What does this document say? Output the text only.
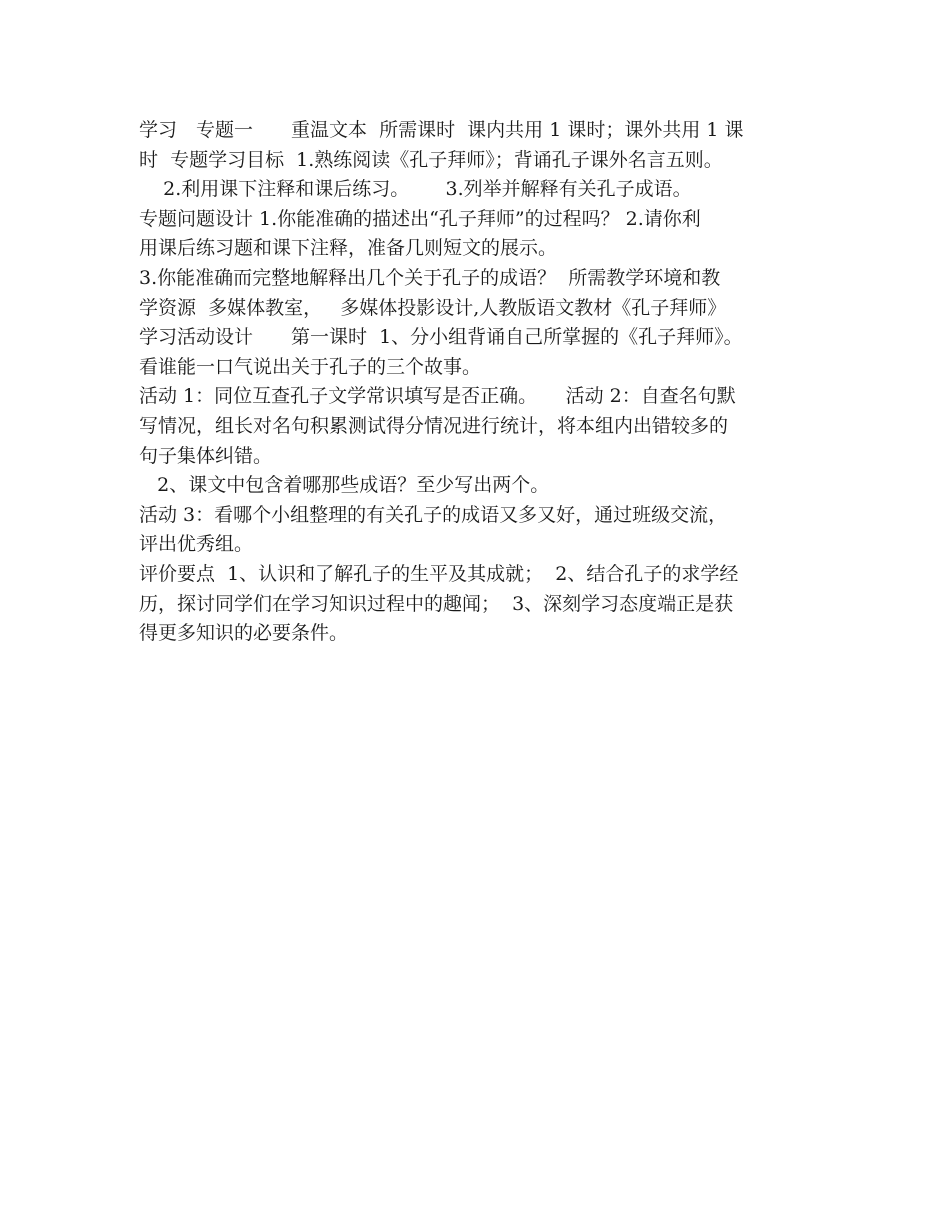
学习　专题一　　重温文本  所需课时  课内共用 1 课时；课外共用 1 课
时  专题学习目标  1.熟练阅读《孔子拜师》；背诵孔子课外名言五则。
2.利用课下注释和课后练习。      3.列举并解释有关孔子成语。
专题问题设计 1.你能准确的描述出“孔子拜师”的过程吗？ 2.请你利
用课后练习题和课下注释，准备几则短文的展示。
3.你能准确而完整地解释出几个关于孔子的成语？  所需教学环境和教
学资源  多媒体教室，   多媒体投影设计,人教版语文教材《孔子拜师》
学习活动设计　　第一课时  1、分小组背诵自己所掌握的《孔子拜师》。
看谁能一口气说出关于孔子的三个故事。
活动 1：同位互查孔子文学常识填写是否正确。　　活动 2：自查名句默
写情况，组长对名句积累测试得分情况进行统计，将本组内出错较多的
句子集体纠错。
2、课文中包含着哪那些成语？至少写出两个。
活动 3：看哪个小组整理的有关孔子的成语又多又好，通过班级交流，
评出优秀组。
评价要点  1、认识和了解孔子的生平及其成就；  2、结合孔子的求学经
历，探讨同学们在学习知识过程中的趣闻；  3、深刻学习态度端正是获
得更多知识的必要条件。
